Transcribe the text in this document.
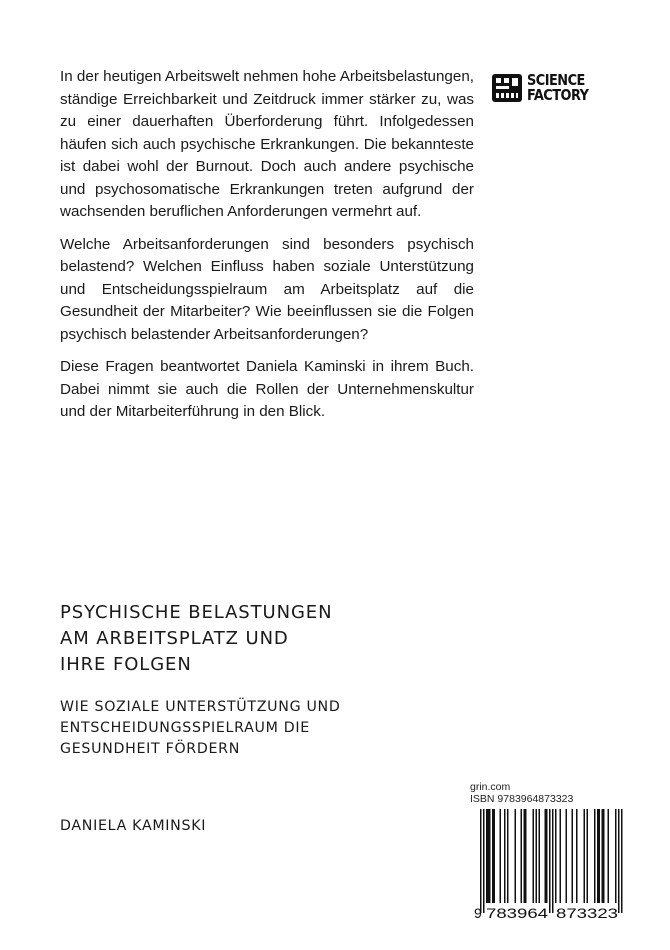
SCIENCE
FACTORY

In der heutigen Arbeitswelt nehmen hohe Arbeitsbelastungen, ständige Erreichbarkeit und Zeitdruck immer stärker zu, was zu einer dauerhaften Überforderung führt. Infolgedessen häufen sich auch psychische Erkrankungen. Die bekannteste ist dabei wohl der Burnout. Doch auch andere psychische und psychosomatische Erkrankungen treten aufgrund der wachsenden beruflichen Anforderungen vermehrt auf.

Welche Arbeitsanforderungen sind besonders psychisch belastend? Welchen Einfluss haben soziale Unterstützung und Entscheidungsspielraum am Arbeitsplatz auf die Gesundheit der Mitarbeiter? Wie beeinflussen sie die Folgen psychisch belastender Arbeitsanforderungen?

Diese Fragen beantwortet Daniela Kaminski in ihrem Buch. Dabei nimmt sie auch die Rollen der Unternehmenskultur und der Mitarbeiterführung in den Blick.

PSYCHISCHE BELASTUNGEN
AM ARBEITSPLATZ UND
IHRE FOLGEN
WIE SOZIALE UNTERSTÜTZUNG UND
ENTSCHEIDUNGSSPIELRAUM DIE
GESUNDHEIT FÖRDERN
DANIELA KAMINSKI
grin.com
ISBN 9783964873323
9 783964 873323
